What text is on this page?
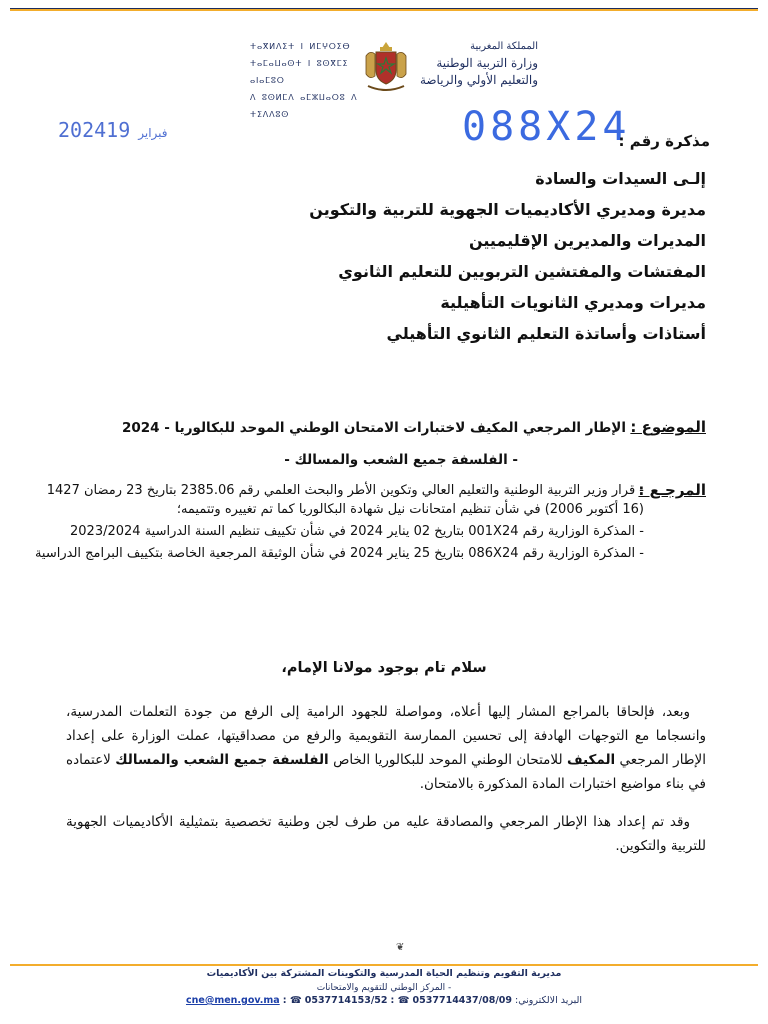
المملكة المغربية
وزارة التربية الوطنية
والتعليم الأولي والرياضة
ⵜⴰⴳⵍⴷⵉⵜ ⵏ ⵍⵎⵖⵔⵉⴱ
ⵜⴰⵎⴰⵡⴰⵙⵜ ⵏ ⵓⵙⴳⵎⵉ ⴰⵏⴰⵎⵓⵔ
ⴷ ⵓⵙⵍⵎⴷ ⴰⵎⵣⵡⴰⵔⵓ ⴷ ⵜⵉⴷⴷⵓⵙ
2024	فبراير19	088X24
مذكرة رقم :
إلـى السيدات والسادة
مديرة ومديري الأكاديميات الجهوية للتربية والتكوين
المديرات والمديرين الإقليميين
المفتشات والمفتشين التربويين للتعليم الثانوي
مديرات ومديري الثانويات التأهيلية
أستاذات وأساتذة التعليم الثانوي التأهيلي
الموضوع :
الإطار المرجعي المكيف لاختبارات الامتحان الوطني الموحد للبكالوريا - 2024
- الفلسفة جميع الشعب والمسالك -
المرجـع :

- قرار وزير التربية الوطنية والتعليم العالي وتكوين الأطر والبحث العلمي رقم 2385.06 بتاريخ 23 رمضان 1427 (16 أكتوبر 2006) في شأن تنظيم امتحانات نيل شهادة البكالوريا كما تم تغييره وتتميمه؛

- المذكرة الوزارية رقم 001X24 بتاريخ 02 يناير 2024 في شأن تكييف تنظيم السنة الدراسية 2023/2024

- المذكرة الوزارية رقم 086X24 بتاريخ 25 يناير 2024 في شأن الوثيقة المرجعية الخاصة بتكييف البرامج الدراسية

سلام تام بوجود مولانا الإمام،

وبعد، فإلحاقا بالمراجع المشار إليها أعلاه، ومواصلة للجهود الرامية إلى الرفع من جودة التعلمات المدرسية، وانسجاما مع التوجهات الهادفة إلى تحسين الممارسة التقويمية والرفع من مصداقيتها، عملت الوزارة على إعداد الإطار المرجعي المكيف للامتحان الوطني الموحد للبكالوريا الخاص الفلسفة جميع الشعب والمسالك لاعتماده في بناء مواضيع اختبارات المادة المذكورة بالامتحان.

وقد تم إعداد هذا الإطار المرجعي والمصادقة عليه من طرف لجن وطنية تخصصية بتمثيلية الأكاديميات الجهوية للتربية والتكوين.

❦
مديرية التقويم وتنظيم الحياة المدرسية والتكوينات المشتركة بين الأكاديميات
- المركز الوطني للتقويم والامتحانات
البريد الالكتروني: cne@men.gov.ma : ☎ 0537714153/52 : ☎ 0537714437/08/09
